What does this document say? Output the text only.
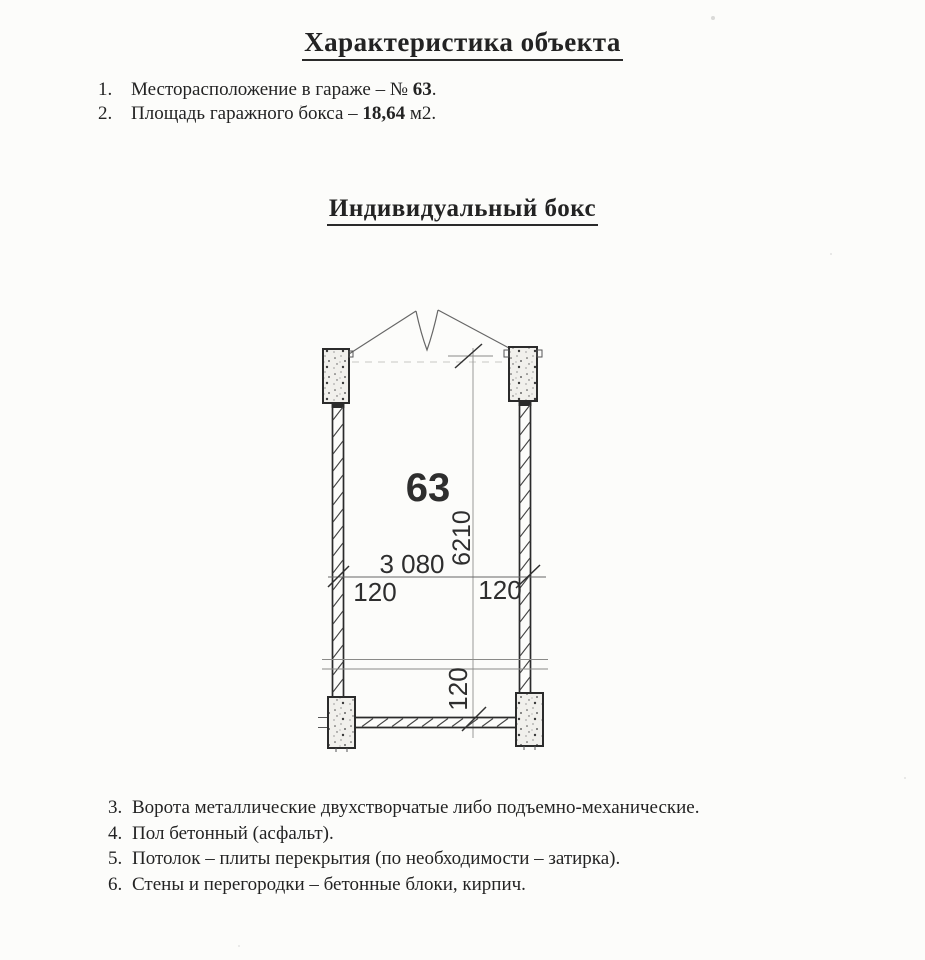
Характеристика объекта
1. Месторасположение в гараже – № 63.
2. Площадь гаражного бокса – 18,64 м2.
Индивидуальный бокс
63
6210
3 080
120	120
120
3. Ворота металлические двухстворчатые либо подъемно-механические.
4. Пол бетонный (асфальт).
5. Потолок – плиты перекрытия (по необходимости – затирка).
6. Стены и перегородки – бетонные блоки, кирпич.
